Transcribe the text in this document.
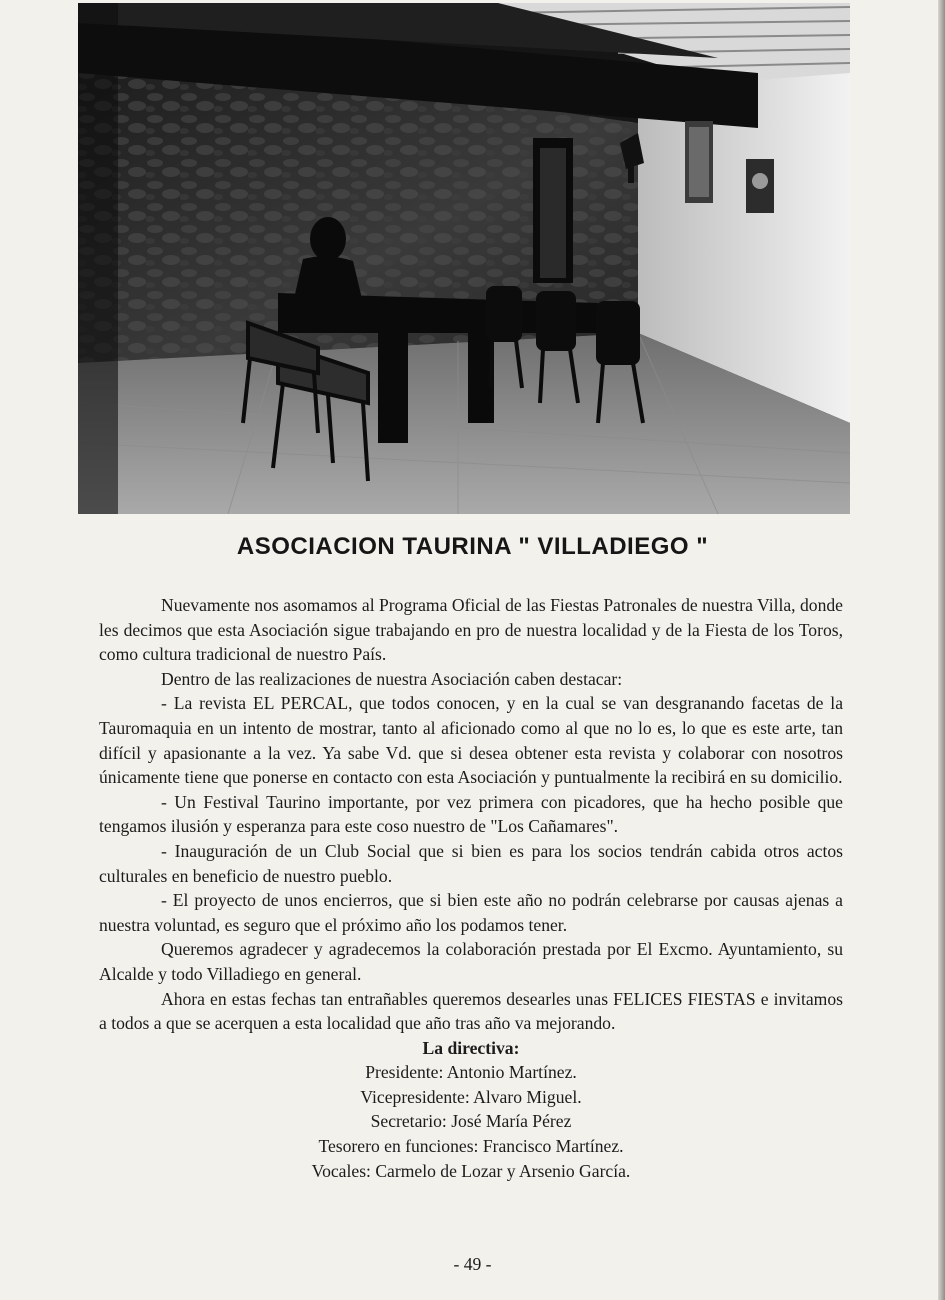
ASOCIACION TAURINA " VILLADIEGO "

Nuevamente nos asomamos al Programa Oficial de las Fiestas Patronales de nuestra Villa, donde les decimos que esta Asociación sigue trabajando en pro de nuestra localidad y de la Fiesta de los Toros, como cultura tradicional de nuestro País.

Dentro de las realizaciones de nuestra Asociación caben destacar:

- La revista EL PERCAL, que todos conocen, y en la cual se van desgranando facetas de la Tauromaquia en un intento de mostrar, tanto al aficionado como al que no lo es, lo que es este arte, tan difícil y apasionante a la vez. Ya sabe Vd. que si desea obtener esta revista y colaborar con nosotros únicamente tiene que ponerse en contacto con esta Asociación y puntualmente la recibirá en su domicilio.

- Un Festival Taurino importante, por vez primera con picadores, que ha hecho posible que tengamos ilusión y esperanza para este coso nuestro de "Los Cañamares".

- Inauguración de un Club Social que si bien es para los socios tendrán cabida otros actos culturales en beneficio de nuestro pueblo.

- El proyecto de unos encierros, que si bien este año no podrán celebrarse por causas ajenas a nuestra voluntad, es seguro que el próximo año los podamos tener.

Queremos agradecer y agradecemos la colaboración prestada por El Excmo. Ayuntamiento, su Alcalde y todo Villadiego en general.

Ahora en estas fechas tan entrañables queremos desearles unas FELICES FIESTAS e invitamos a todos a que se acerquen a esta localidad que año tras año va mejorando.

La directiva:

Presidente: Antonio Martínez.

Vicepresidente: Alvaro Miguel.

Secretario: José María Pérez

Tesorero en funciones: Francisco Martínez.

Vocales: Carmelo de Lozar y Arsenio García.

- 49 -
